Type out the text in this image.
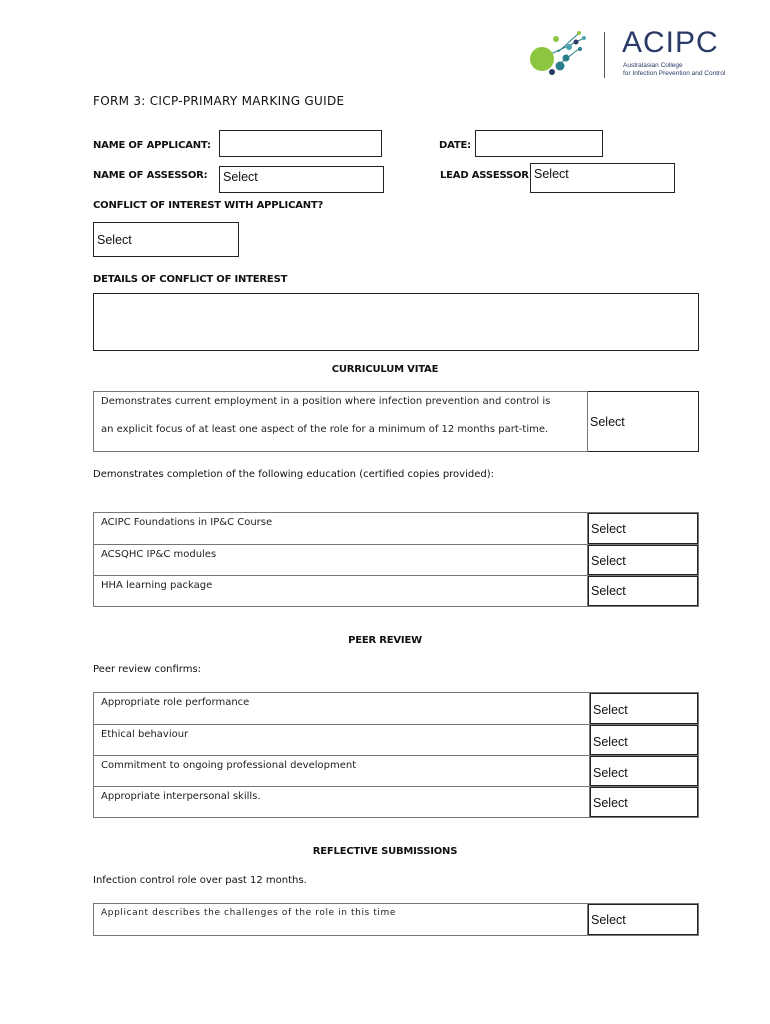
ACIPC
Australasian College
for Infection Prevention and Control
FORM 3: CICP-PRIMARY MARKING GUIDE
NAME OF APPLICANT:	DATE:
NAME OF ASSESSOR:	Select	LEAD ASSESSOR Select
CONFLICT OF INTEREST WITH APPLICANT?
Select
DETAILS OF CONFLICT OF INTEREST
CURRICULUM VITAE
Demonstrates current employment in a position where infection prevention and control is
an explicit focus of at least one aspect of the role for a minimum of 12 months part-time.

Select
Demonstrates completion of the following education (certified copies provided):
ACIPC Foundations in IP&C Course	Select

ACSQHC IP&C modules	Select

HHA learning package	Select
PEER REVIEW
Peer review confirms:
Appropriate role performance	Select

Ethical behaviour	Select

Commitment to ongoing professional development	Select

Appropriate interpersonal skills.	Select
REFLECTIVE SUBMISSIONS
Infection control role over past 12 months.
Applicant describes the challenges of the role in this time	Select
